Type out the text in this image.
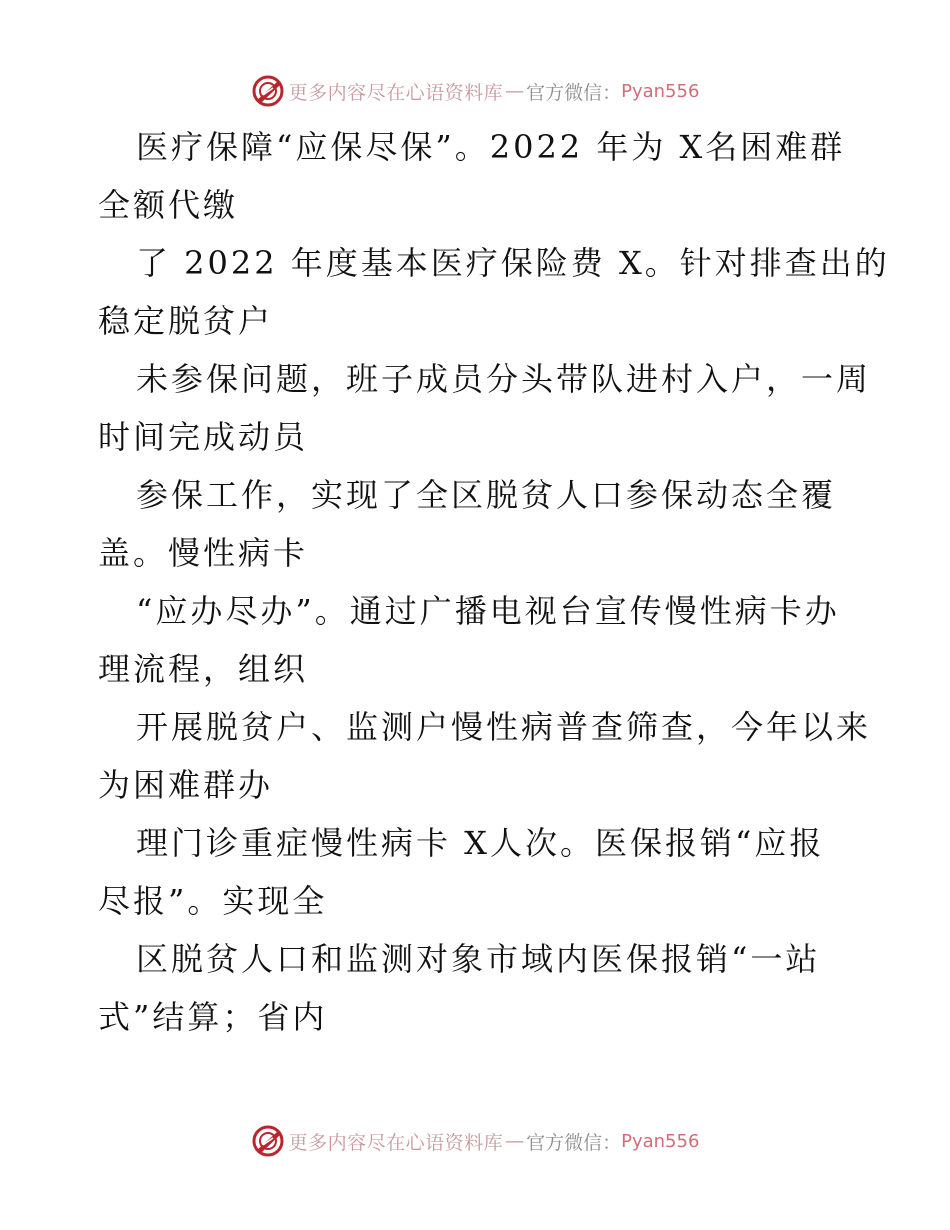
更多内容尽在心语资料库 — 官方微信： Pyan556

医疗保障“应保尽保”。2022 年为 X名困难群
全额代缴

了 2022 年度基本医疗保险费 X。针对排查出的
稳定脱贫户

未参保问题，班子成员分头带队进村入户，一周
时间完成动员

参保工作，实现了全区脱贫人口参保动态全覆
盖。慢性病卡

“应办尽办”。通过广播电视台宣传慢性病卡办
理流程，组织

开展脱贫户、监测户慢性病普查筛查，今年以来
为困难群办

理门诊重症慢性病卡 X人次。医保报销“应报
尽报”。实现全

区脱贫人口和监测对象市域内医保报销“一站
式”结算；省内

更多内容尽在心语资料库 — 官方微信： Pyan556
